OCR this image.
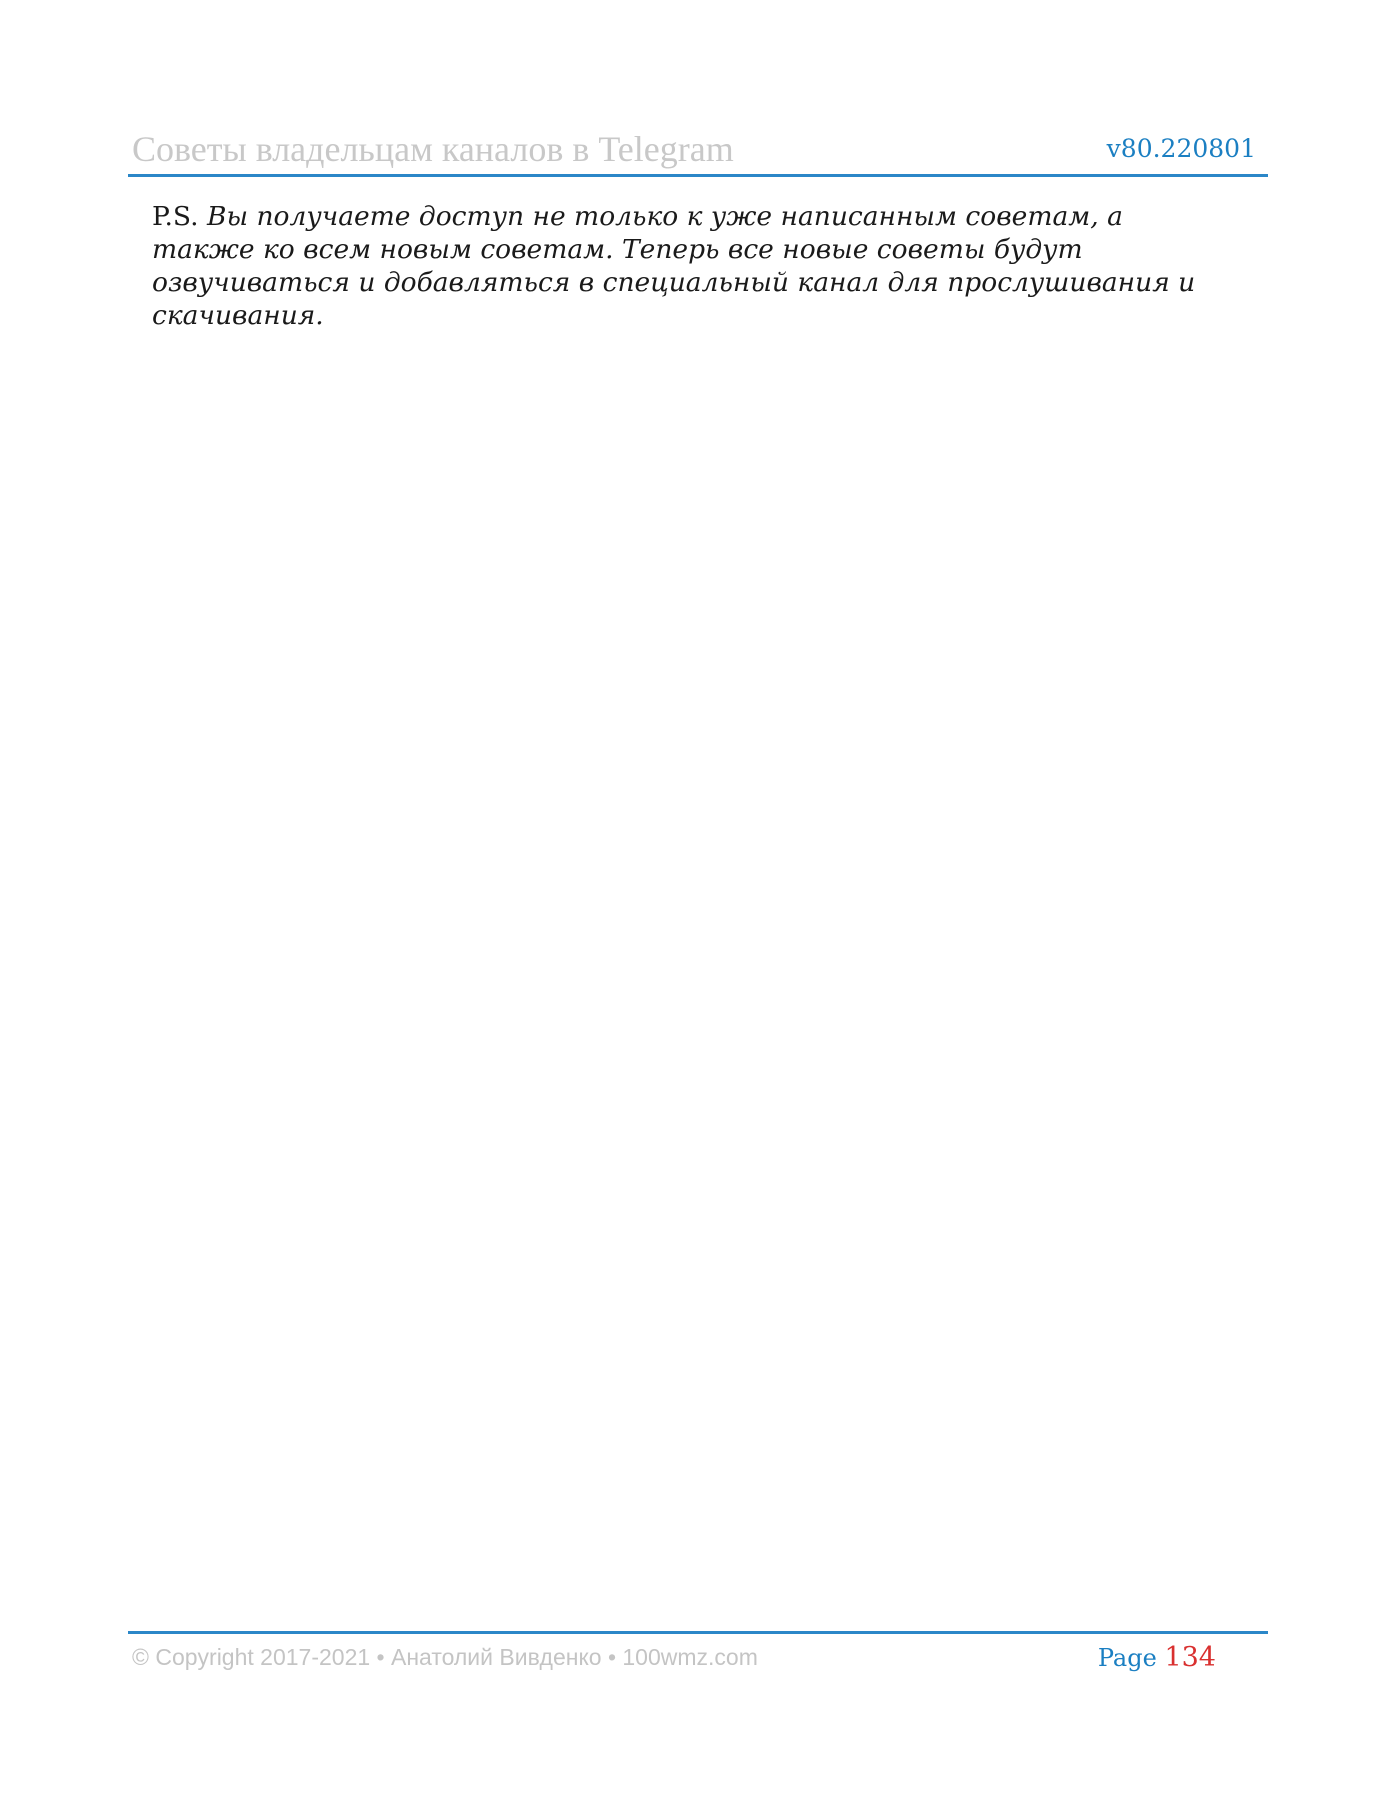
Советы владельцам каналов в Telegram	v80.220801
P.S. Вы получаете доступ не только к уже написанным советам, а также ко всем новым советам. Теперь все новые советы будут озвучиваться и добавляться в специальный канал для прослушивания и скачивания.
© Copyright 2017-2021 • Анатолий Вивденко • 100wmz.com	Page 134
